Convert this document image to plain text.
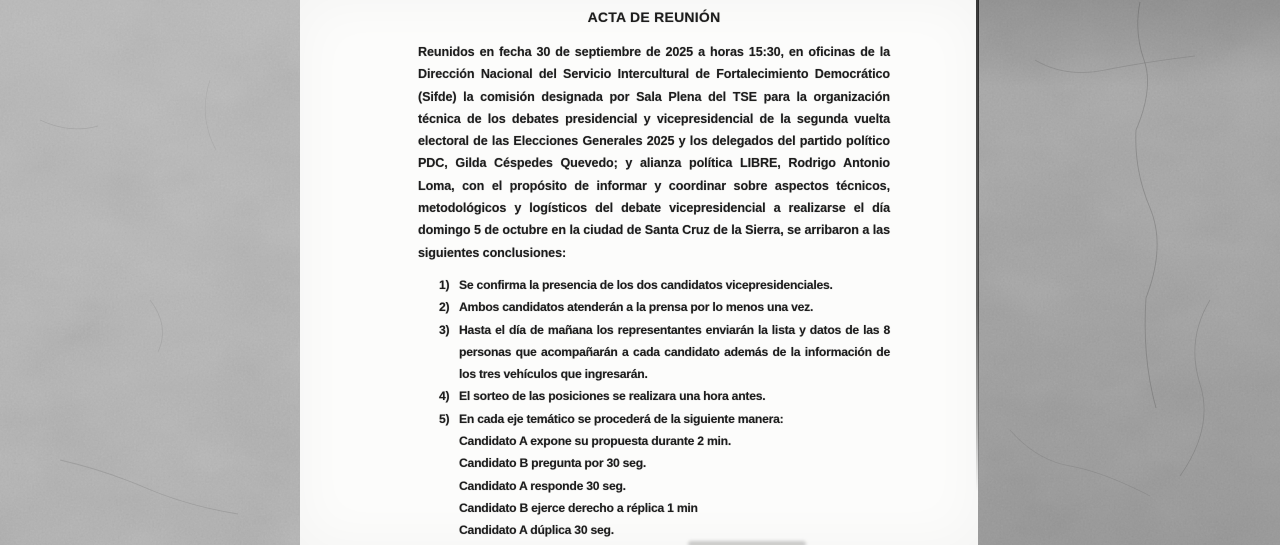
ACTA DE REUNIÓN

Reunidos en fecha 30 de septiembre de 2025 a horas 15:30, en oficinas de la Dirección Nacional del Servicio Intercultural de Fortalecimiento Democrático (Sifde) la comisión designada por Sala Plena del TSE para la organización técnica de los debates presidencial y vicepresidencial de la segunda vuelta electoral de las Elecciones Generales 2025 y los delegados del partido político PDC, Gilda Céspedes Quevedo; y alianza política LIBRE, Rodrigo Antonio Loma, con el propósito de informar y coordinar sobre aspectos técnicos, metodológicos y logísticos del debate vicepresidencial a realizarse el día domingo 5 de octubre en la ciudad de Santa Cruz de la Sierra, se arribaron a las siguientes conclusiones:

1) Se confirma la presencia de los dos candidatos vicepresidenciales.
2) Ambos candidatos atenderán a la prensa por lo menos una vez.
3) Hasta el día de mañana los representantes enviarán la lista y datos de las 8 personas que acompañarán a cada candidato además de la información de los tres vehículos que ingresarán.
4) El sorteo de las posiciones se realizara una hora antes.
5) En cada eje temático se procederá de la siguiente manera:
Candidato A expone su propuesta durante 2 min.
Candidato B pregunta por 30 seg.
Candidato A responde 30 seg.
Candidato B ejerce derecho a réplica 1 min
Candidato A dúplica 30 seg.
